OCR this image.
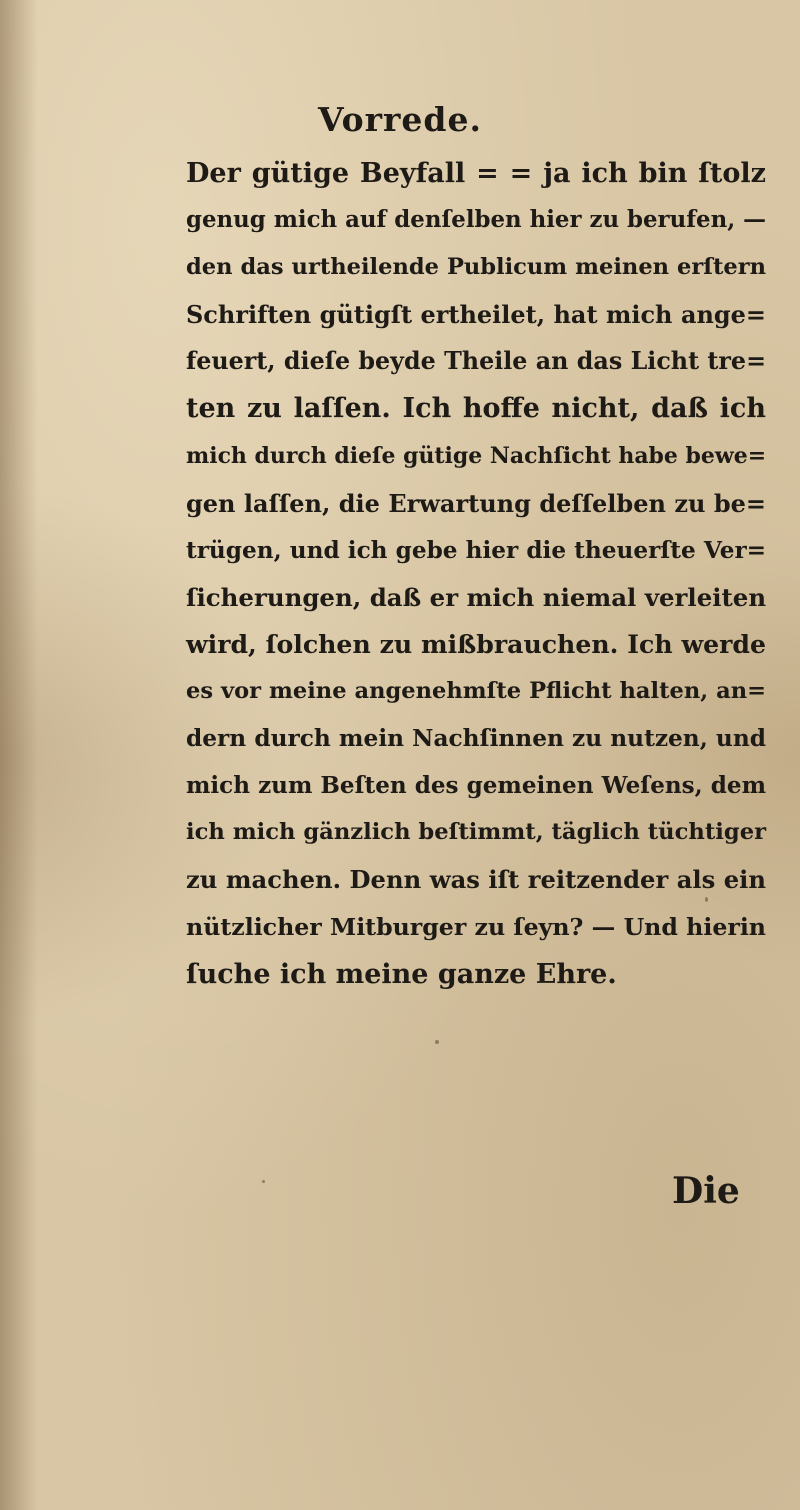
Vorrede.
Der gütige Beyfall = = ja ich bin ſtolz
genug mich auf denſelben hier zu berufen, —
den das urtheilende Publicum meinen erſtern
Schriften gütigſt ertheilet, hat mich ange=
feuert, dieſe beyde Theile an das Licht tre=
ten zu laſſen. Ich hoffe nicht, daß ich
mich durch dieſe gütige Nachſicht habe bewe=
gen laſſen, die Erwartung deſſelben zu be=
trügen, und ich gebe hier die theuerſte Ver=
ſicherungen, daß er mich niemal verleiten
wird, ſolchen zu mißbrauchen. Ich werde
es vor meine angenehmſte Pflicht halten, an=
dern durch mein Nachſinnen zu nutzen, und
mich zum Beſten des gemeinen Weſens, dem
ich mich gänzlich beſtimmt, täglich tüchtiger
zu machen. Denn was iſt reitzender als ein
nützlicher Mitburger zu ſeyn? — Und hierin
ſuche ich meine ganze Ehre.
Die
